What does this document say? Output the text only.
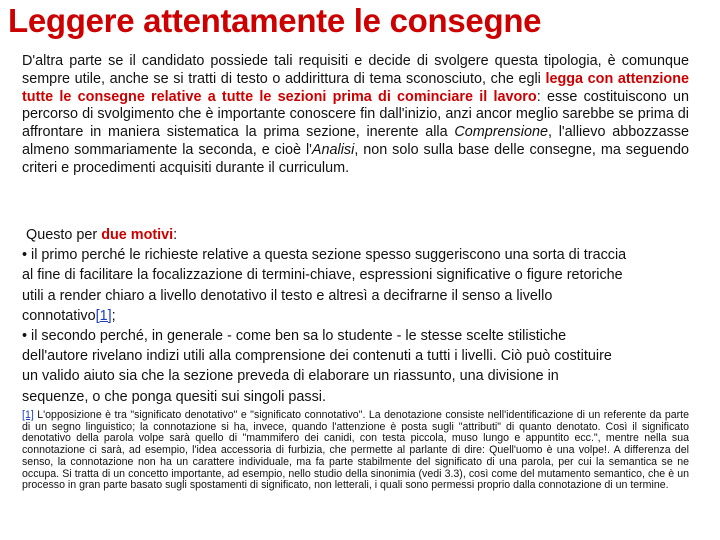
Leggere attentamente le consegne
D'altra parte se il candidato possiede tali requisiti e decide di svolgere questa tipologia, è comunque sempre utile, anche se si tratti di testo o addirittura di tema sconosciuto, che egli legga con attenzione tutte le consegne relative a tutte le sezioni prima di cominciare il lavoro: esse costituiscono un percorso di svolgimento che è importante conoscere fin dall'inizio, anzi ancor meglio sarebbe se prima di affrontare in maniera sistematica la prima sezione, inerente alla Comprensione, l'allievo abbozzasse almeno sommariamente la seconda, e cioè l'Analisi, non solo sulla base delle consegne, ma seguendo criteri e procedimenti acquisiti durante il curriculum.
Questo per due motivi:
• il primo perché le richieste relative a questa sezione spesso suggeriscono una sorta di traccia
al fine di facilitare la focalizzazione di termini-chiave, espressioni significative o figure retoriche
utili a render chiaro a livello denotativo il testo e altresì a decifrarne il senso a livello
connotativo[1];
• il secondo perché, in generale - come ben sa lo studente - le stesse scelte stilistiche
dell'autore rivelano indizi utili alla comprensione dei contenuti a tutti i livelli. Ciò può costituire
un valido aiuto sia che la sezione preveda di elaborare un riassunto, una divisione in
sequenze, o che ponga quesiti sui singoli passi.
[1] L'opposizione è tra "significato denotativo" e "significato connotativo". La denotazione consiste nell'identificazione di un referente da parte di un segno linguistico; la connotazione si ha, invece, quando l'attenzione è posta sugli "attributi" di quanto denotato. Così il significato denotativo della parola volpe sarà quello di "mammifero dei canidi, con testa piccola, muso lungo e appuntito ecc.", mentre nella sua connotazione ci sarà, ad esempio, l'idea accessoria di furbizia, che permette al parlante di dire: Quell'uomo è una volpe!. A differenza del senso, la connotazione non ha un carattere individuale, ma fa parte stabilmente del significato di una parola, per cui la semantica se ne occupa. Si tratta di un concetto importante, ad esempio, nello studio della sinonimia (vedi 3.3), così come del mutamento semantico, che è un processo in gran parte basato sugli spostamenti di significato, non letterali, i quali sono permessi proprio dalla connotazione di un termine.
